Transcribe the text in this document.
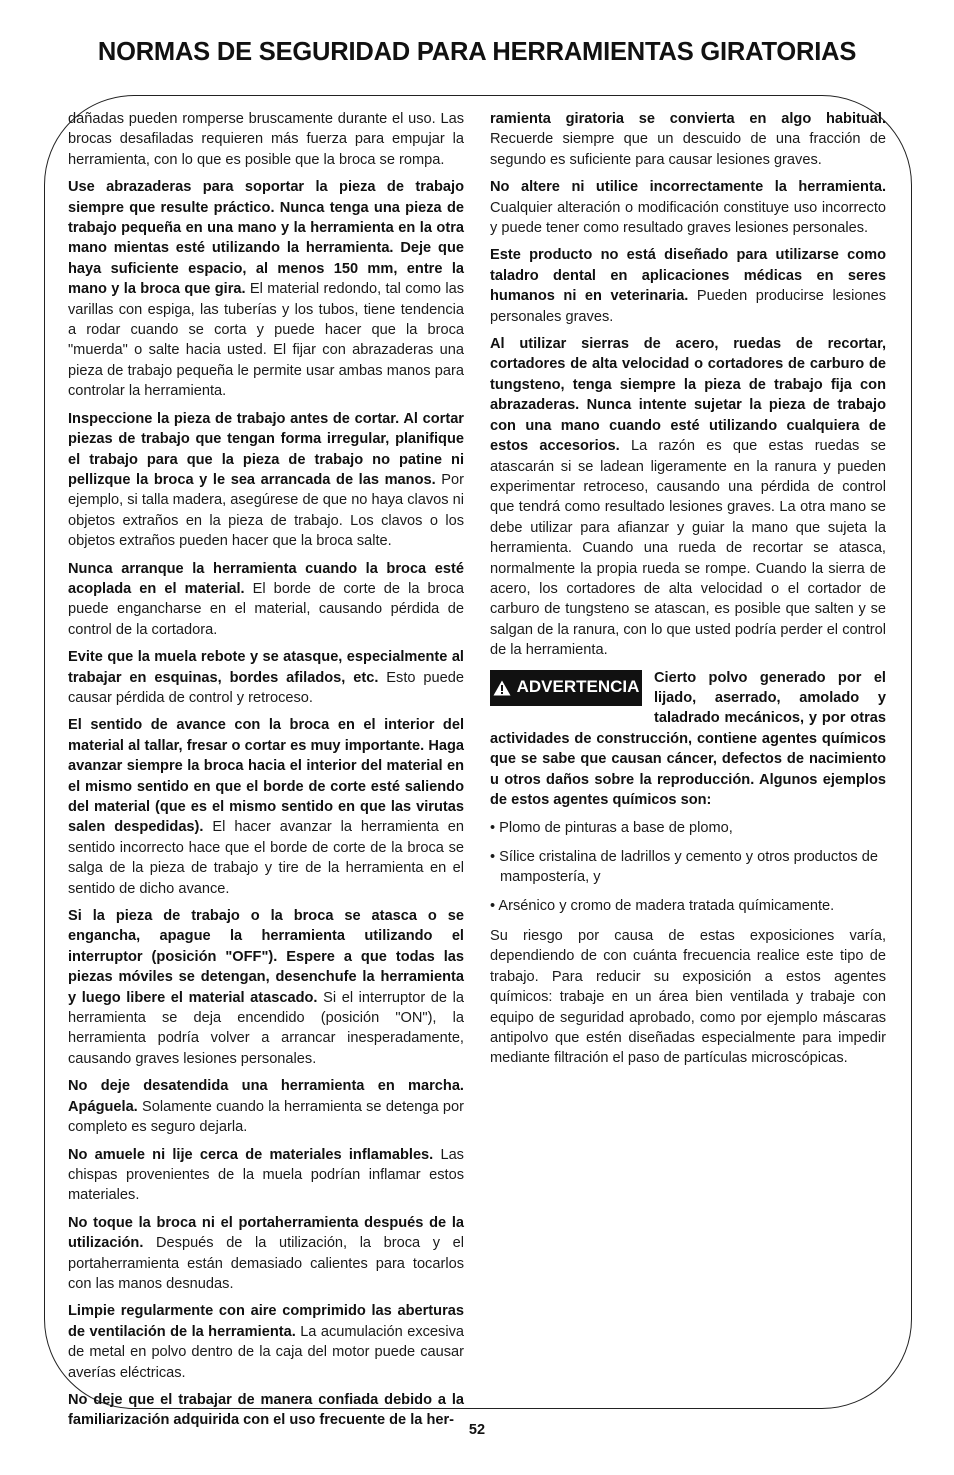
NORMAS DE SEGURIDAD PARA HERRAMIENTAS GIRATORIAS

dañadas pueden romperse bruscamente durante el uso. Las brocas desafiladas requieren más fuerza para empujar la herramienta, con lo que es posible que la broca se rompa.

Use abrazaderas para soportar la pieza de trabajo siempre que resulte práctico. Nunca tenga una pieza de trabajo pequeña en una mano y la herramienta en la otra mano mientas esté utilizando la herramienta. Deje que haya suficiente espacio, al menos 150 mm, entre la mano y la broca que gira. El material redondo, tal como las varillas con espiga, las tuberías y los tubos, tiene tendencia a rodar cuando se corta y puede hacer que la broca "muerda" o salte hacia usted. El fijar con abrazaderas una pieza de trabajo pequeña le permite usar ambas manos para controlar la herramienta.

Inspeccione la pieza de trabajo antes de cortar. Al cortar piezas de trabajo que tengan forma irregular, planifique el trabajo para que la pieza de trabajo no patine ni pellizque la broca y le sea arrancada de las manos. Por ejemplo, si talla madera, asegúrese de que no haya clavos ni objetos extraños en la pieza de trabajo. Los clavos o los objetos extraños pueden hacer que la broca salte.

Nunca arranque la herramienta cuando la broca esté acoplada en el material. El borde de corte de la broca puede engancharse en el material, causando pérdida de control de la cortadora.

Evite que la muela rebote y se atasque, especialmente al trabajar en esquinas, bordes afilados, etc. Esto puede causar pérdida de control y retroceso.

El sentido de avance con la broca en el interior del material al tallar, fresar o cortar es muy importante. Haga avanzar siempre la broca hacia el interior del material en el mismo sentido en que el borde de corte esté saliendo del material (que es el mismo sentido en que las virutas salen despedidas). El hacer avanzar la herramienta en sentido incorrecto hace que el borde de corte de la broca se salga de la pieza de trabajo y tire de la herramienta en el sentido de dicho avance.

Si la pieza de trabajo o la broca se atasca o se engancha, apague la herramienta utilizando el interruptor (posición "OFF"). Espere a que todas las piezas móviles se detengan, desenchufe la herramienta y luego libere el material atascado. Si el interruptor de la herramienta se deja encendido (posición "ON"), la herramienta podría volver a arrancar inesperadamente, causando graves lesiones personales.

No deje desatendida una herramienta en marcha. Apáguela. Solamente cuando la herramienta se detenga por completo es seguro dejarla.

No amuele ni lije cerca de materiales inflamables. Las chispas provenientes de la muela podrían inflamar estos materiales.

No toque la broca ni el portaherramienta después de la utilización. Después de la utilización, la broca y el portaherramienta están demasiado calientes para tocarlos con las manos desnudas.

Limpie regularmente con aire comprimido las aberturas de ventilación de la herramienta. La acumulación excesiva de metal en polvo dentro de la caja del motor puede causar averías eléctricas.

No deje que el trabajar de manera confiada debido a la familiarización adquirida con el uso frecuente de la her-

ramienta giratoria se convierta en algo habitual. Recuerde siempre que un descuido de una fracción de segundo es suficiente para causar lesiones graves.

No altere ni utilice incorrectamente la herramienta. Cualquier alteración o modificación constituye uso incorrecto y puede tener como resultado graves lesiones personales.

Este producto no está diseñado para utilizarse como taladro dental en aplicaciones médicas en seres humanos ni en veterinaria. Pueden producirse lesiones personales graves.

Al utilizar sierras de acero, ruedas de recortar, cortadores de alta velocidad o cortadores de carburo de tungsteno, tenga siempre la pieza de trabajo fija con abrazaderas. Nunca intente sujetar la pieza de trabajo con una mano cuando esté utilizando cualquiera de estos accesorios. La razón es que estas ruedas se atascarán si se ladean ligeramente en la ranura y pueden experimentar retroceso, causando una pérdida de control que tendrá como resultado lesiones graves. La otra mano se debe utilizar para afianzar y guiar la mano que sujeta la herramienta. Cuando una rueda de recortar se atasca, normalmente la propia rueda se rompe. Cuando la sierra de acero, los cortadores de alta velocidad o el cortador de carburo de tungsteno se atascan, es posible que salten y se salgan de la ranura, con lo que usted podría perder el control de la herramienta.

ADVERTENCIA	Cierto polvo generado por el lijado, aserrado, amolado y taladrado mecánicos, y por otras actividades de construcción, contiene agentes químicos que se sabe que causan cáncer, defectos de nacimiento u otros daños sobre la reproducción. Algunos ejemplos de estos agentes químicos son:

• Plomo de pinturas a base de plomo,

• Sílice cristalina de ladrillos y cemento y otros productos de mampostería, y

• Arsénico y cromo de madera tratada químicamente.

Su riesgo por causa de estas exposiciones varía, dependiendo de con cuánta frecuencia realice este tipo de trabajo. Para reducir su exposición a estos agentes químicos: trabaje en un área bien ventilada y trabaje con equipo de seguridad aprobado, como por ejemplo máscaras antipolvo que estén diseñadas especialmente para impedir mediante filtración el paso de partículas microscópicas.

52
